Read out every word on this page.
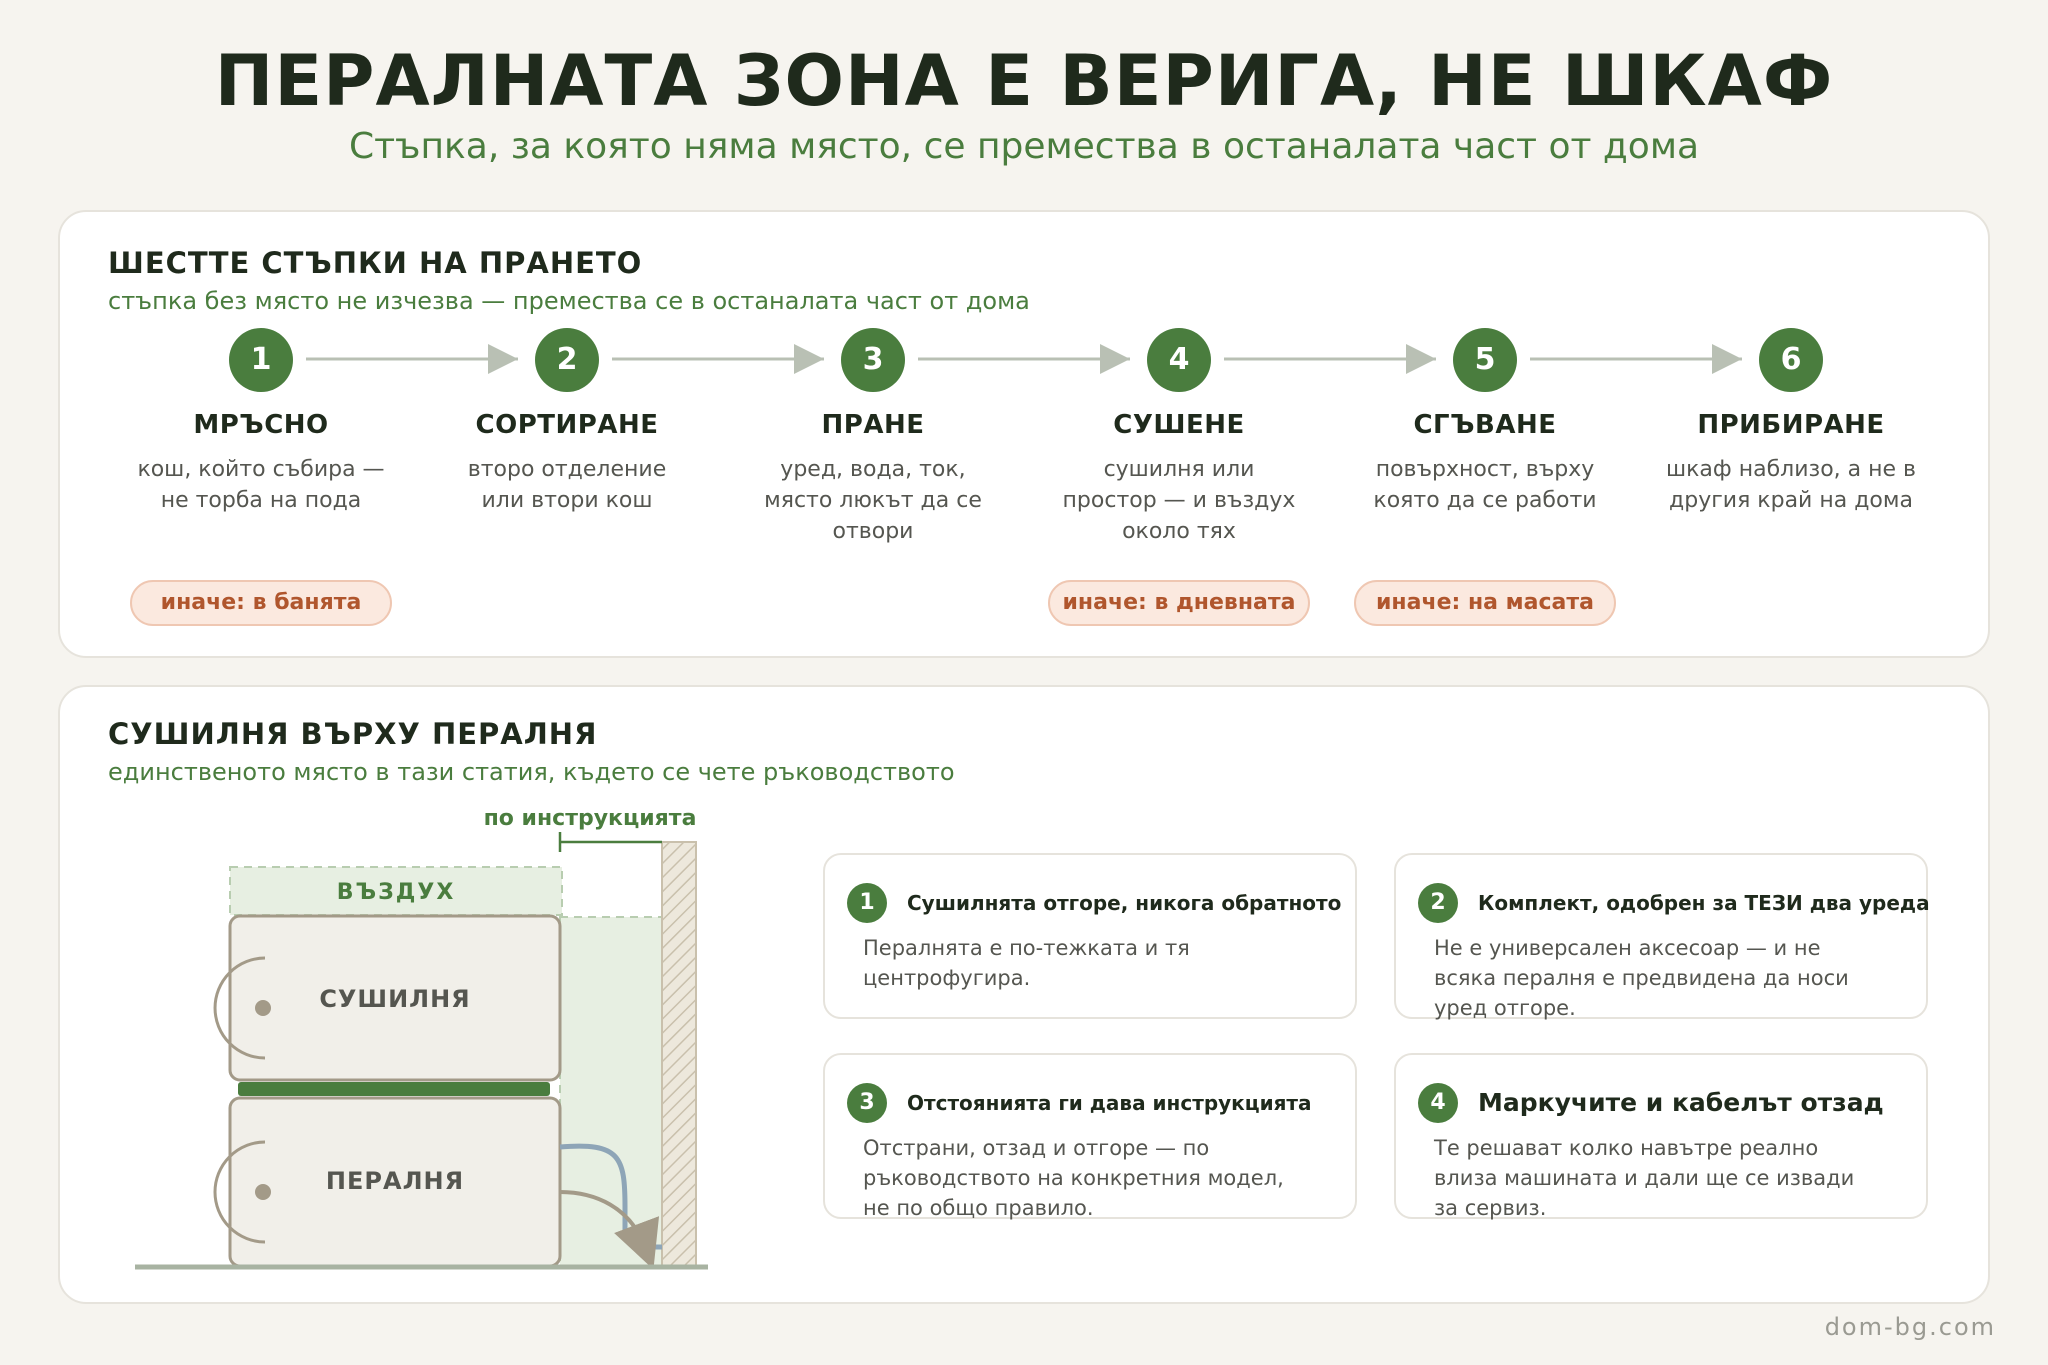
ПЕРАЛНАТА ЗОНА Е ВЕРИГА, НЕ ШКАФ
Стъпка, за която няма място, се премества в останалата част от дома
ШЕСТТЕ СТЪПКИ НА ПРАНЕТО
стъпка без място не изчезва — премества се в останалата част от дома
1
МРЪСНО
кош, който събира — не торба на пода
2
СОРТИРАНЕ
второ отделение или втори кош
3
ПРАНЕ
уред, вода, ток, място люкът да се отвори
4
СУШЕНЕ
сушилня или простор — и въздух около тях
5
СГЪВАНЕ
повърхност, върху която да се работи
6
ПРИБИРАНЕ
шкаф наблизо, а не в другия край на дома
иначе: в банята	иначе: в дневната	иначе: на масата
СУШИЛНЯ ВЪРХУ ПЕРАЛНЯ
единственото място в тази статия, където се чете ръководството
ВЪЗДУХ
по инструкцията
СУШИЛНЯ
ПЕРАЛНЯ
1	Сушилнята отгоре, никога обратното
Пералнята е по-тежката и тя центрофугира.
2	Комплект, одобрен за ТЕЗИ два уреда
Не е универсален аксесоар — и не всяка пералня е предвидена да носи уред отгоре.
3	Отстоянията ги дава инструкцията
Отстрани, отзад и отгоре — по ръководството на конкретния модел, не по общо правило.
4	Маркучите и кабелът отзад
Те решават колко навътре реално влиза машината и дали ще се извади за сервиз.
dom-bg.com
